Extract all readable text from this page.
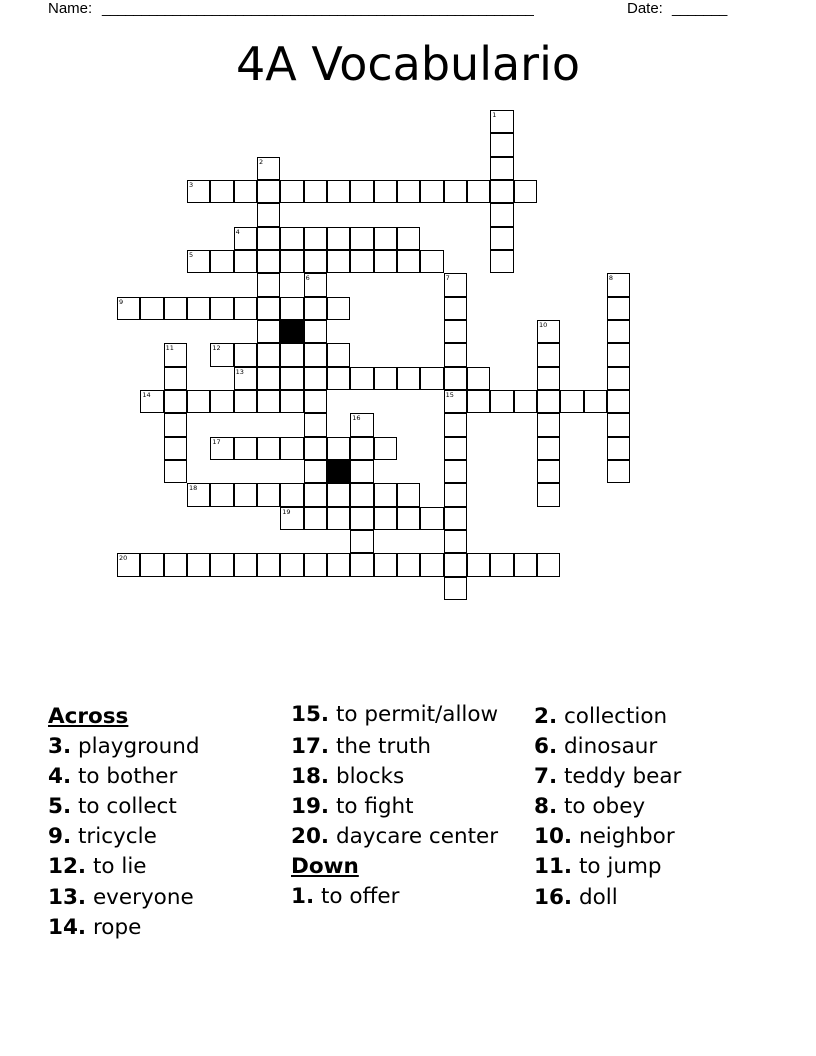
Name: _______________________________________________________	Date: _______
4A Vocabulario
3
4
5
9
12
13
14	15
17
18
19
20
1
2
6	7	8
10
11
16
Across
3. playground
4. to bother
5. to collect
9. tricycle
12. to lie
13. everyone
14. rope
15. to permit/allow
17. the truth
18. blocks
19. to fight
20. daycare center
Down
1. to offer
2. collection
6. dinosaur
7. teddy bear
8. to obey
10. neighbor
11. to jump
16. doll
